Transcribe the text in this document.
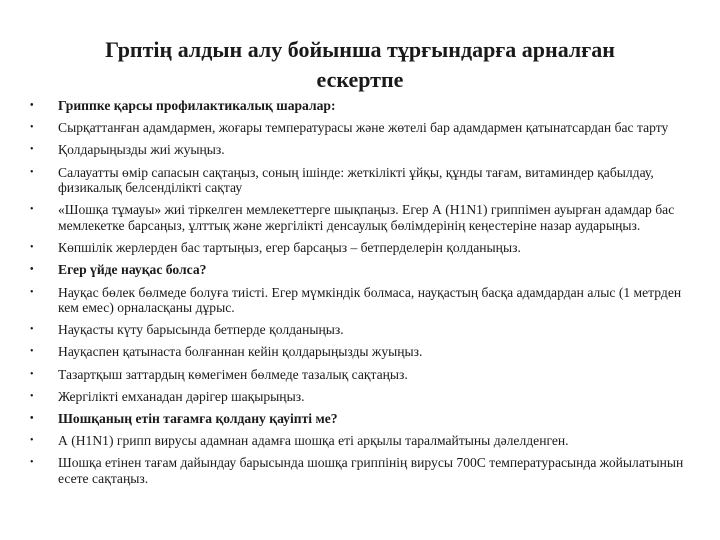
Грптің алдын алу бойынша тұрғындарға арналған ескертпе
• Гриппке қарсы профилактикалық шаралар:
• Сырқаттанған адамдармен, жоғары температурасы және жөтелі бар адамдармен қатынатсардан бас тарту
• Қолдарыңызды жиі жуыңыз.
• Салауатты өмір сапасын сақтаңыз, соның ішінде: жеткілікті ұйқы, құнды тағам, витаминдер қабылдау, физикалық белсенділікті сақтау
• «Шошқа тұмауы» жиі тіркелген мемлекеттерге шықпаңыз. Егер А (Н1N1) гриппімен ауырған адамдар бас мемлекетке барсаңыз, ұлттық және жергілікті денсаулық бөлімдерінің кеңестеріне назар аударыңыз.
• Көпшілік жерлерден бас тартыңыз, егер барсаңыз – бетперделерін қолданыңыз.
• Егер үйде науқас болса?
• Науқас бөлек бөлмеде болуға тиісті. Егер мүмкіндік болмаса, науқастың басқа адамдардан алыс (1 метрден кем емес) орналасқаны дұрыс.
• Науқасты күту барысында бетперде қолданыңыз.
• Науқаспен қатынаста болғаннан кейін қолдарыңызды жуыңыз.
• Тазартқыш заттардың көмегімен бөлмеде тазалық сақтаңыз.
• Жергілікті емханадан дәрігер шақырыңыз.
• Шошқаның етін тағамға қолдану қауіпті ме?
• А (Н1N1) грипп вирусы адамнан адамға шошқа еті арқылы таралмайтыны дәлелденген.
• Шошқа етінен тағам дайындау барысында шошқа гриппінің вирусы 700С температурасында жойылатынын есете сақтаңыз.
